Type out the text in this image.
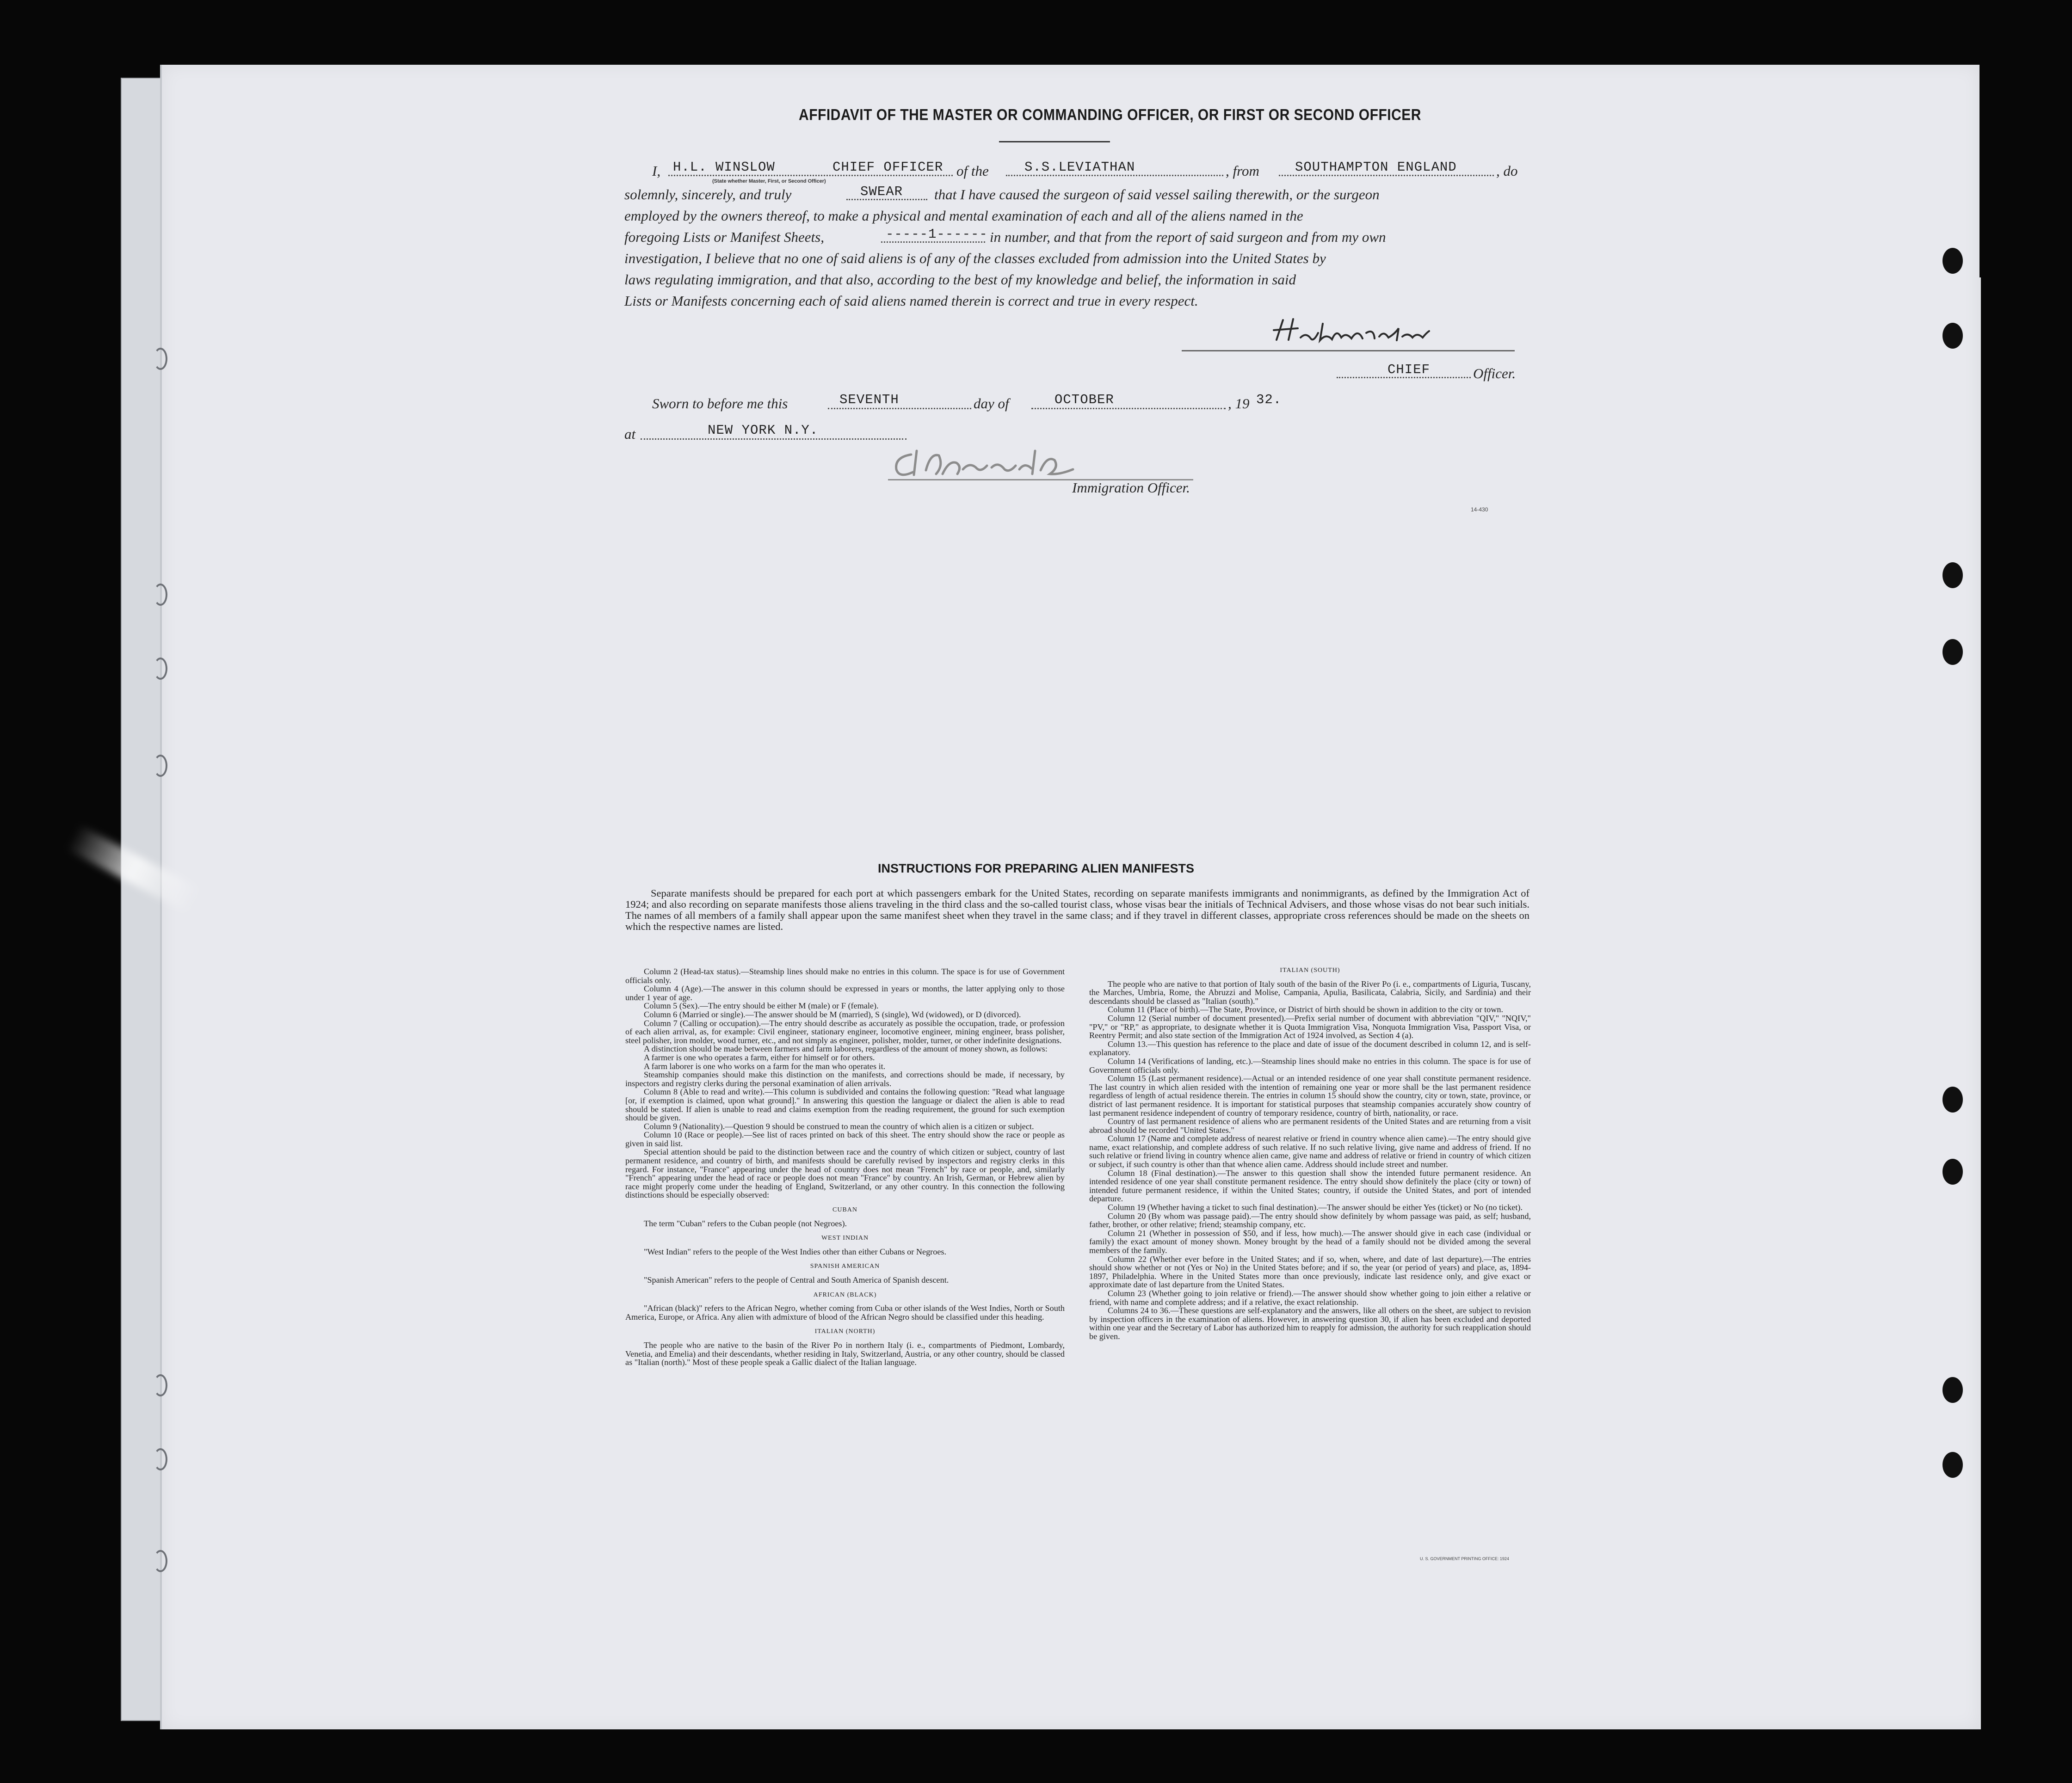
AFFIDAVIT OF THE MASTER OR COMMANDING OFFICER, OR FIRST OR SECOND OFFICER
I, H.L. WINSLOW	CHIEF OFFICER of the	S.S.LEVIATHAN	, from	SOUTHAMPTON ENGLAND	, do
(State whether Master, First, or Second Officer)
solemnly, sincerely, and truly	SWEAR that I have caused the surgeon of said vessel sailing therewith, or the surgeon
employed by the owners thereof, to make a physical and mental examination of each and all of the aliens named in the
foregoing Lists or Manifest Sheets,	-----1------ in number, and that from the report of said surgeon and from my own
investigation, I believe that no one of said aliens is of any of the classes excluded from admission into the United States by
laws regulating immigration, and that also, according to the best of my knowledge and belief, the information in said
Lists or Manifests concerning each of said aliens named therein is correct and true in every respect.
CHIEF	Officer.
Sworn to before me this	SEVENTH	day of	OCTOBER	, 19 32.
at	NEW YORK N.Y.
Immigration Officer.
14-430
INSTRUCTIONS FOR PREPARING ALIEN MANIFESTS
Separate manifests should be prepared for each port at which passengers embark for the United States, recording on separate manifests immigrants and nonimmigrants, as defined by the Immigration Act of 1924; and also recording on separate manifests those aliens traveling in the third class and the so-called tourist class, whose visas bear the initials of Technical Advisers, and those whose visas do not bear such initials. The names of all members of a family shall appear upon the same manifest sheet when they travel in the same class; and if they travel in different classes, appropriate cross references should be made on the sheets on which the respective names are listed.

Column 2 (Head-tax status).—Steamship lines should make no entries in this column. The space is for use of Government officials only.

Column 4 (Age).—The answer in this column should be expressed in years or months, the latter applying only to those under 1 year of age.

Column 5 (Sex).—The entry should be either M (male) or F (female).

Column 6 (Married or single).—The answer should be M (married), S (single), Wd (widowed), or D (divorced).

Column 7 (Calling or occupation).—The entry should describe as accurately as possible the occupation, trade, or profession of each alien arrival, as, for example: Civil engineer, stationary engineer, locomotive engineer, mining engineer, brass polisher, steel polisher, iron molder, wood turner, etc., and not simply as engineer, polisher, molder, turner, or other indefinite designations.

A distinction should be made between farmers and farm laborers, regardless of the amount of money shown, as follows:

A farmer is one who operates a farm, either for himself or for others.

A farm laborer is one who works on a farm for the man who operates it.

Steamship companies should make this distinction on the manifests, and corrections should be made, if necessary, by inspectors and registry clerks during the personal examination of alien arrivals.

Column 8 (Able to read and write).—This column is subdivided and contains the following question: "Read what language [or, if exemption is claimed, upon what ground]." In answering this question the language or dialect the alien is able to read should be stated. If alien is unable to read and claims exemption from the reading requirement, the ground for such exemption should be given.

Column 9 (Nationality).—Question 9 should be construed to mean the country of which alien is a citizen or subject.

Column 10 (Race or people).—See list of races printed on back of this sheet. The entry should show the race or people as given in said list.

Special attention should be paid to the distinction between race and the country of which citizen or subject, country of last permanent residence, and country of birth, and manifests should be carefully revised by inspectors and registry clerks in this regard. For instance, "France" appearing under the head of country does not mean "French" by race or people, and, similarly "French" appearing under the head of race or people does not mean "France" by country. An Irish, German, or Hebrew alien by race might properly come under the heading of England, Switzerland, or any other country. In this connection the following distinctions should be especially observed:

CUBAN

The term "Cuban" refers to the Cuban people (not Negroes).

WEST INDIAN

"West Indian" refers to the people of the West Indies other than either Cubans or Negroes.

SPANISH AMERICAN

"Spanish American" refers to the people of Central and South America of Spanish descent.

AFRICAN (BLACK)

"African (black)" refers to the African Negro, whether coming from Cuba or other islands of the West Indies, North or South America, Europe, or Africa. Any alien with admixture of blood of the African Negro should be classified under this heading.

ITALIAN (NORTH)

The people who are native to the basin of the River Po in northern Italy (i. e., compartments of Piedmont, Lombardy, Venetia, and Emelia) and their descendants, whether residing in Italy, Switzerland, Austria, or any other country, should be classed as "Italian (north)." Most of these people speak a Gallic dialect of the Italian language.

ITALIAN (SOUTH)

The people who are native to that portion of Italy south of the basin of the River Po (i. e., compartments of Liguria, Tuscany, the Marches, Umbria, Rome, the Abruzzi and Molise, Campania, Apulia, Basilicata, Calabria, Sicily, and Sardinia) and their descendants should be classed as "Italian (south)."

Column 11 (Place of birth).—The State, Province, or District of birth should be shown in addition to the city or town.

Column 12 (Serial number of document presented).—Prefix serial number of document with abbreviation "QIV," "NQIV," "PV," or "RP," as appropriate, to designate whether it is Quota Immigration Visa, Nonquota Immigration Visa, Passport Visa, or Reentry Permit; and also state section of the Immigration Act of 1924 involved, as Section 4 (a).

Column 13.—This question has reference to the place and date of issue of the document described in column 12, and is self-explanatory.

Column 14 (Verifications of landing, etc.).—Steamship lines should make no entries in this column. The space is for use of Government officials only.

Column 15 (Last permanent residence).—Actual or an intended residence of one year shall constitute permanent residence. The last country in which alien resided with the intention of remaining one year or more shall be the last permanent residence regardless of length of actual residence therein. The entries in column 15 should show the country, city or town, state, province, or district of last permanent residence. It is important for statistical purposes that steamship companies accurately show country of last permanent residence independent of country of temporary residence, country of birth, nationality, or race.

Country of last permanent residence of aliens who are permanent residents of the United States and are returning from a visit abroad should be recorded "United States."

Column 17 (Name and complete address of nearest relative or friend in country whence alien came).—The entry should give name, exact relationship, and complete address of such relative. If no such relative living, give name and address of friend. If no such relative or friend living in country whence alien came, give name and address of relative or friend in country of which citizen or subject, if such country is other than that whence alien came. Address should include street and number.

Column 18 (Final destination).—The answer to this question shall show the intended future permanent residence. An intended residence of one year shall constitute permanent residence. The entry should show definitely the place (city or town) of intended future permanent residence, if within the United States; country, if outside the United States, and port of intended departure.

Column 19 (Whether having a ticket to such final destination).—The answer should be either Yes (ticket) or No (no ticket).

Column 20 (By whom was passage paid).—The entry should show definitely by whom passage was paid, as self; husband, father, brother, or other relative; friend; steamship company, etc.

Column 21 (Whether in possession of $50, and if less, how much).—The answer should give in each case (individual or family) the exact amount of money shown. Money brought by the head of a family should not be divided among the several members of the family.

Column 22 (Whether ever before in the United States; and if so, when, where, and date of last departure).—The entries should show whether or not (Yes or No) in the United States before; and if so, the year (or period of years) and place, as, 1894-1897, Philadelphia. Where in the United States more than once previously, indicate last residence only, and give exact or approximate date of last departure from the United States.

Column 23 (Whether going to join relative or friend).—The answer should show whether going to join either a relative or friend, with name and complete address; and if a relative, the exact relationship.

Columns 24 to 36.—These questions are self-explanatory and the answers, like all others on the sheet, are subject to revision by inspection officers in the examination of aliens. However, in answering question 30, if alien has been excluded and deported within one year and the Secretary of Labor has authorized him to reapply for admission, the authority for such reapplication should be given.

U. S. GOVERNMENT PRINTING OFFICE: 1924
